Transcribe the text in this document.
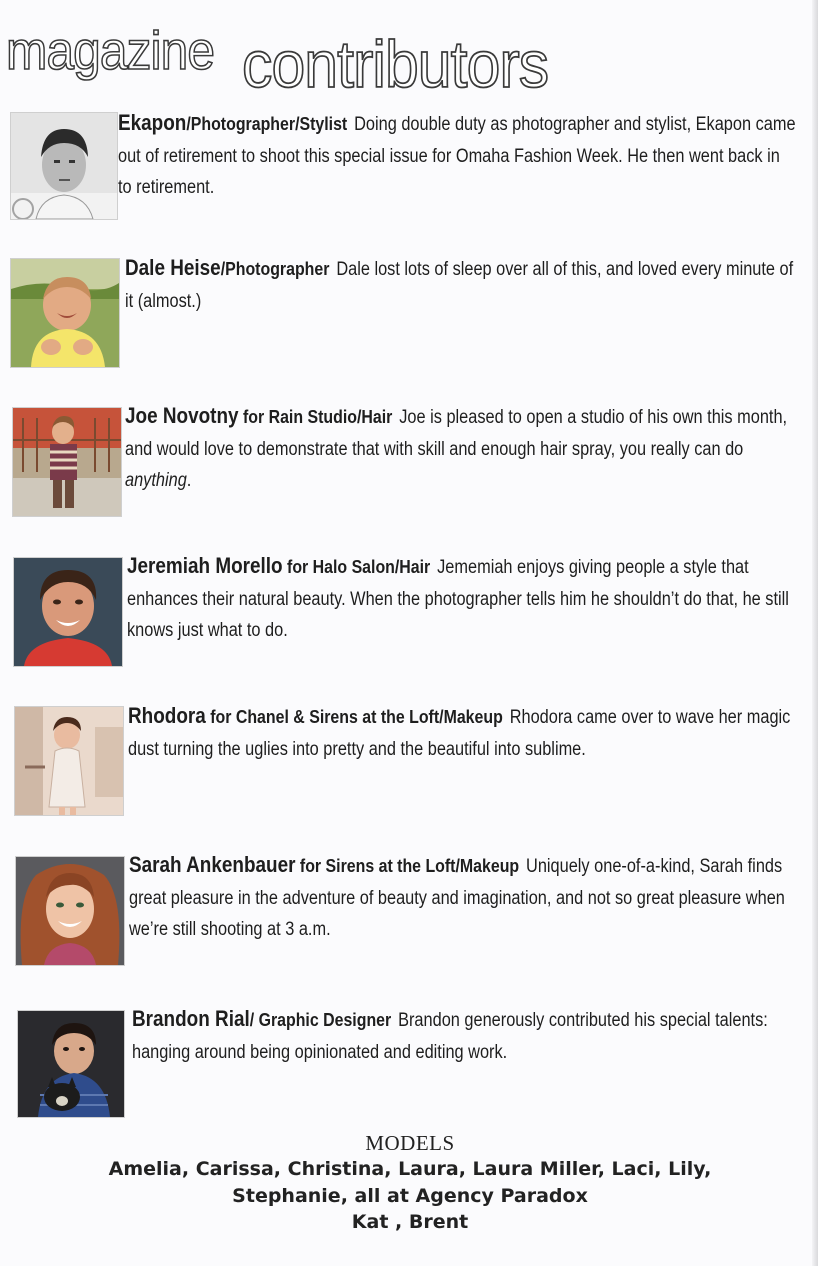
magazine contributors
Ekapon/Photographer/Stylist Doing double duty as photographer and stylist, Ekapon came out of retirement to shoot this special issue for Omaha Fashion Week. He then went back in to retirement.
Dale Heise/Photographer Dale lost lots of sleep over all of this, and loved every minute of it (almost.)
Joe Novotny for Rain Studio/Hair Joe is pleased to open a studio of his own this month, and would love to demonstrate that with skill and enough hair spray, you really can do anything.
Jeremiah Morello for Halo Salon/Hair Jememiah enjoys giving people a style that enhances their natural beauty. When the photographer tells him he shouldn’t do that, he still knows just what to do.
Rhodora for Chanel & Sirens at the Loft/Makeup Rhodora came over to wave her magic dust turning the uglies into pretty and the beautiful into sublime.
Sarah Ankenbauer for Sirens at the Loft/Makeup Uniquely one-of-a-kind, Sarah finds great pleasure in the adventure of beauty and imagination, and not so great pleasure when we’re still shooting at 3 a.m.
Brandon Rial/ Graphic Designer Brandon generously contributed his special talents: hanging around being opinionated and editing work.
MODELS
Amelia, Carissa, Christina, Laura, Laura Miller, Laci, Lily,
Stephanie, all at Agency Paradox
Kat , Brent
